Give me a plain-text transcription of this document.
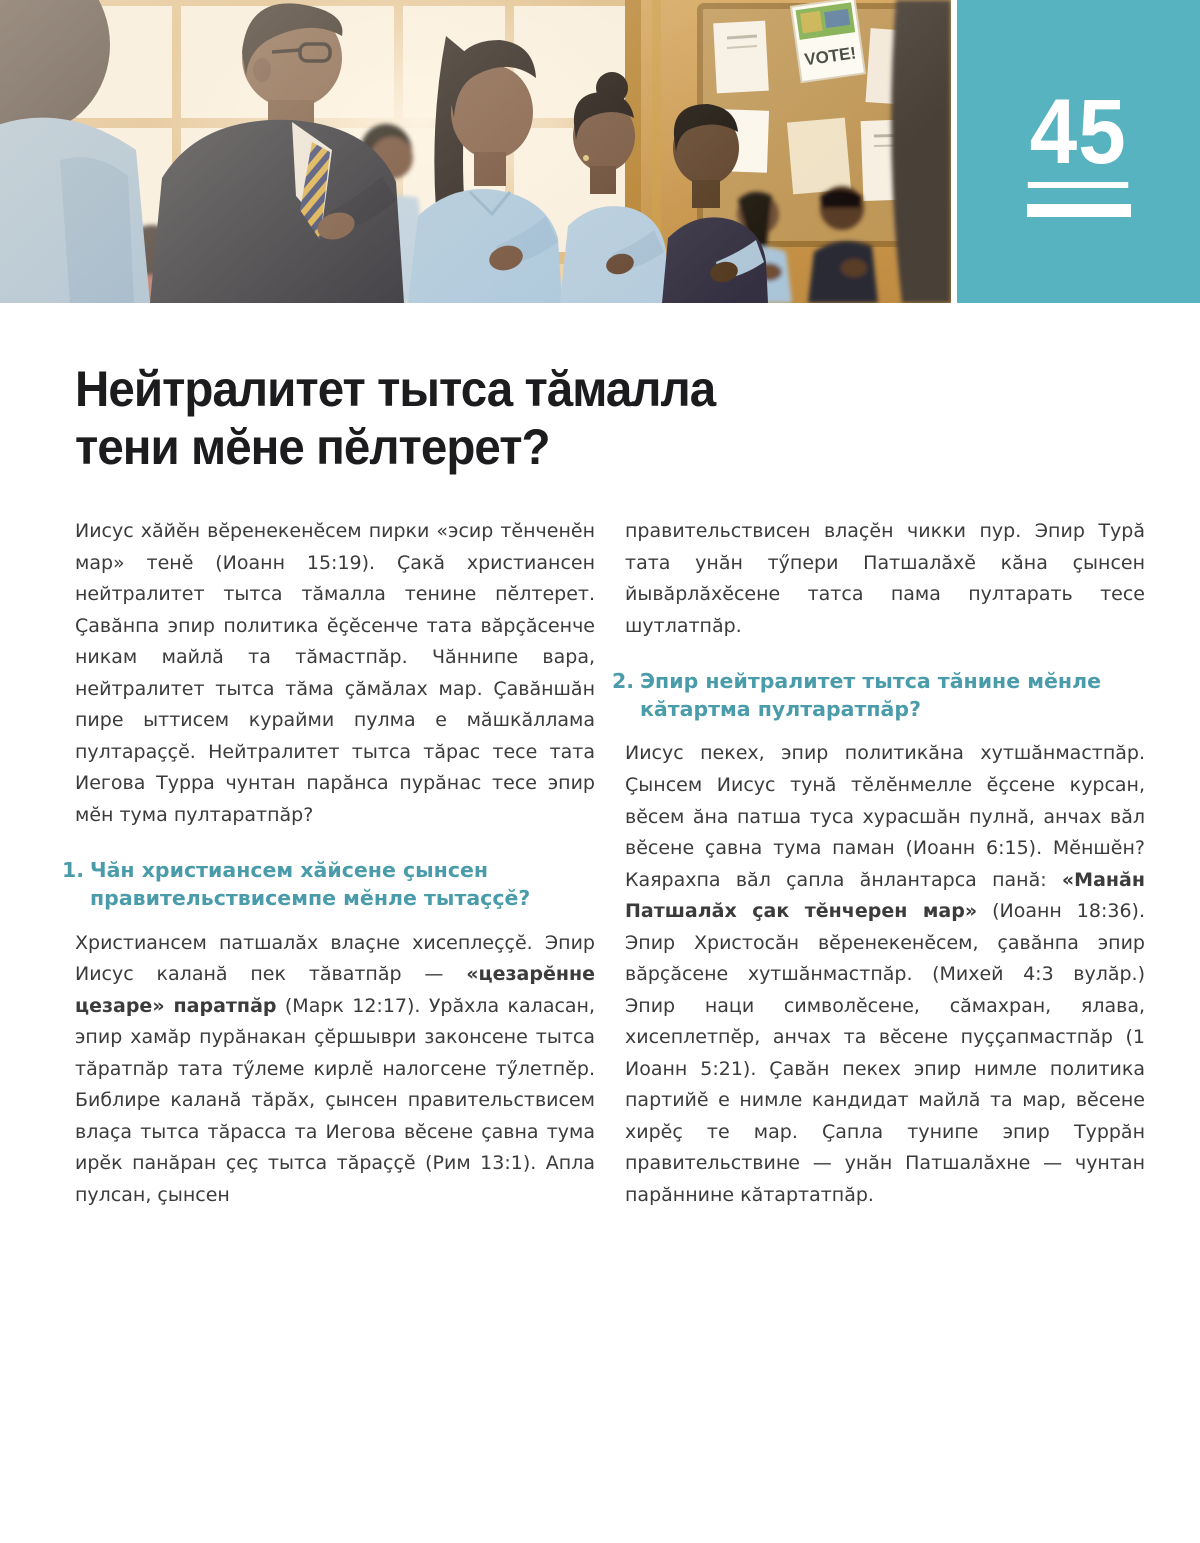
45
Нейтралитет тытса тӑмалла
тени мӗне пӗлтерет?

Иисус хӑйӗн вӗренекенӗсем пирки «эсир тӗнченӗн мар» тенӗ (Иоанн 15:19). Ҫакӑ христиансен нейтралитет тытса тӑмалла тенине пӗлтерет. Ҫавӑнпа эпир политика ӗҫӗсенче тата вӑрҫӑсенче никам майлӑ та тӑмастпӑр. Чӑннипе вара, нейтралитет тытса тӑма ҫӑмӑлах мар. Ҫавӑншӑн пире ыттисем курайми пулма е мӑшкӑллама пултараҫҫӗ. Нейтралитет тытса тӑрас тесе тата Иегова Турра чунтан парӑнса пурӑнас тесе эпир мӗн тума пултаратпӑр?

1. Чӑн христиансем хӑйсене ҫынсен правительствисемпе мӗнле тытаҫҫӗ?

Христиансем патшалӑх влаҫне хисеплеҫҫӗ. Эпир Иисус каланӑ пек тӑватпӑр — «цезарӗнне цезаре» паратпӑр (Марк 12:17). Урӑхла каласан, эпир хамӑр пурӑнакан ҫӗршыври законсене тытса тӑратпӑр тата тӳлеме кирлӗ налогсене тӳлетпӗр. Библире каланӑ тӑрӑх, ҫынсен правительствисем влаҫа тытса тӑрасса та Иегова вӗсене ҫавна тума ирӗк панӑран ҫеҫ тытса тӑраҫҫӗ (Рим 13:1). Апла пулсан, ҫынсен

правительствисен влаҫӗн чикки пур. Эпир Турӑ тата унӑн тӳпери Патшалӑхӗ кӑна ҫынсен йывӑрлӑхӗсене татса пама пултарать тесе шутлатпӑр.

2. Эпир нейтралитет тытса тӑнине мӗнле кӑтартма пултаратпӑр?

Иисус пекех, эпир политикӑна хутшӑнмастпӑр. Ҫынсем Иисус тунӑ тӗлӗнмелле ӗҫсене курсан, вӗсем ӑна патша туса хурасшӑн пулнӑ, анчах вӑл вӗсене ҫавна тума паман (Иоанн 6:15). Мӗншӗн? Каярахпа вӑл ҫапла ӑнлантарса панӑ: «Манӑн Патшалӑх ҫак тӗнчерен мар» (Иоанн 18:36). Эпир Христосӑн вӗренекенӗсем, ҫавӑнпа эпир вӑрҫӑсене хутшӑнмастпӑр. (Михей 4:3 вулӑр.) Эпир наци символӗсене, сӑмахран, ялава, хисеплетпӗр, анчах та вӗсене пуҫҫапмастпӑр (1 Иоанн 5:21). Ҫавӑн пекех эпир нимле политика партийӗ е нимле кандидат майлӑ та мар, вӗсене хирӗҫ те мар. Ҫапла тунипе эпир Туррӑн правительствине — унӑн Патшалӑхне — чунтан парӑннине кӑтартатпӑр.
